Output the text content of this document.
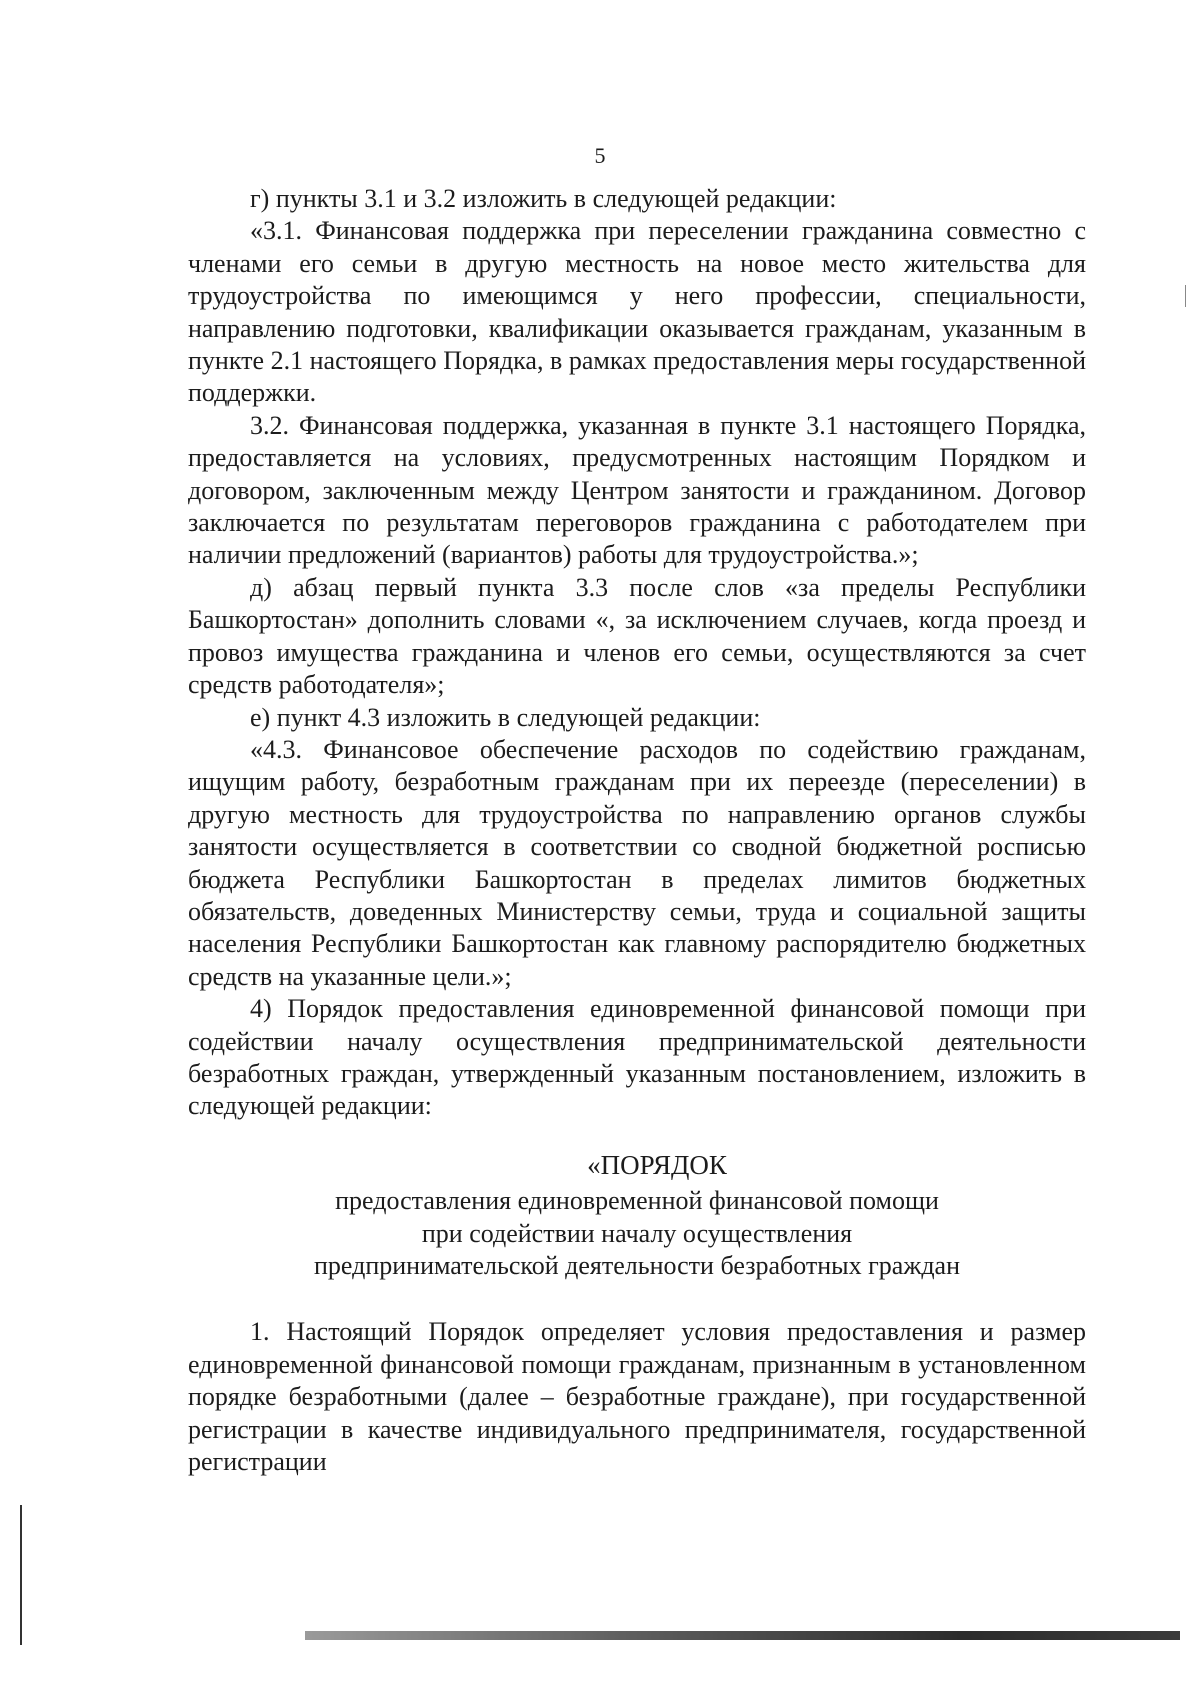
5

г) пункты 3.1 и 3.2 изложить в следующей редакции:

«3.1. Финансовая поддержка при переселении гражданина совместно с членами его семьи в другую местность на новое место жительства для трудоустройства по имеющимся у него профессии, специальности, направлению подготовки, квалификации оказывается гражданам, указанным в пункте 2.1 настоящего Порядка, в рамках предоставления меры государственной поддержки.

3.2. Финансовая поддержка, указанная в пункте 3.1 настоящего Порядка, предоставляется на условиях, предусмотренных настоящим Порядком и договором, заключенным между Центром занятости и гражданином. Договор заключается по результатам переговоров гражданина с работодателем при наличии предложений (вариантов) работы для трудоустройства.»;

д) абзац первый пункта 3.3 после слов «за пределы Республики Башкортостан» дополнить словами «, за исключением случаев, когда проезд и провоз имущества гражданина и членов его семьи, осуществляются за счет средств работодателя»;

е) пункт 4.3 изложить в следующей редакции:

«4.3. Финансовое обеспечение расходов по содействию гражданам, ищущим работу, безработным гражданам при их переезде (переселении) в другую местность для трудоустройства по направлению органов службы занятости осуществляется в соответствии со сводной бюджетной росписью бюджета Республики Башкортостан в пределах лимитов бюджетных обязательств, доведенных Министерству семьи, труда и социальной защиты населения Республики Башкортостан как главному распорядителю бюджетных средств на указанные цели.»;

4) Порядок предоставления единовременной финансовой помощи при содействии началу осуществления предпринимательской деятельности безработных граждан, утвержденный указанным постановлением, изложить в следующей редакции:

«ПОРЯДОК
предоставления единовременной финансовой помощи
при содействии началу осуществления
предпринимательской деятельности безработных граждан

1. Настоящий Порядок определяет условия предоставления и размер единовременной финансовой помощи гражданам, признанным в установленном порядке безработными (далее – безработные граждане), при государственной регистрации в качестве индивидуального предпринимателя, государственной регистрации
